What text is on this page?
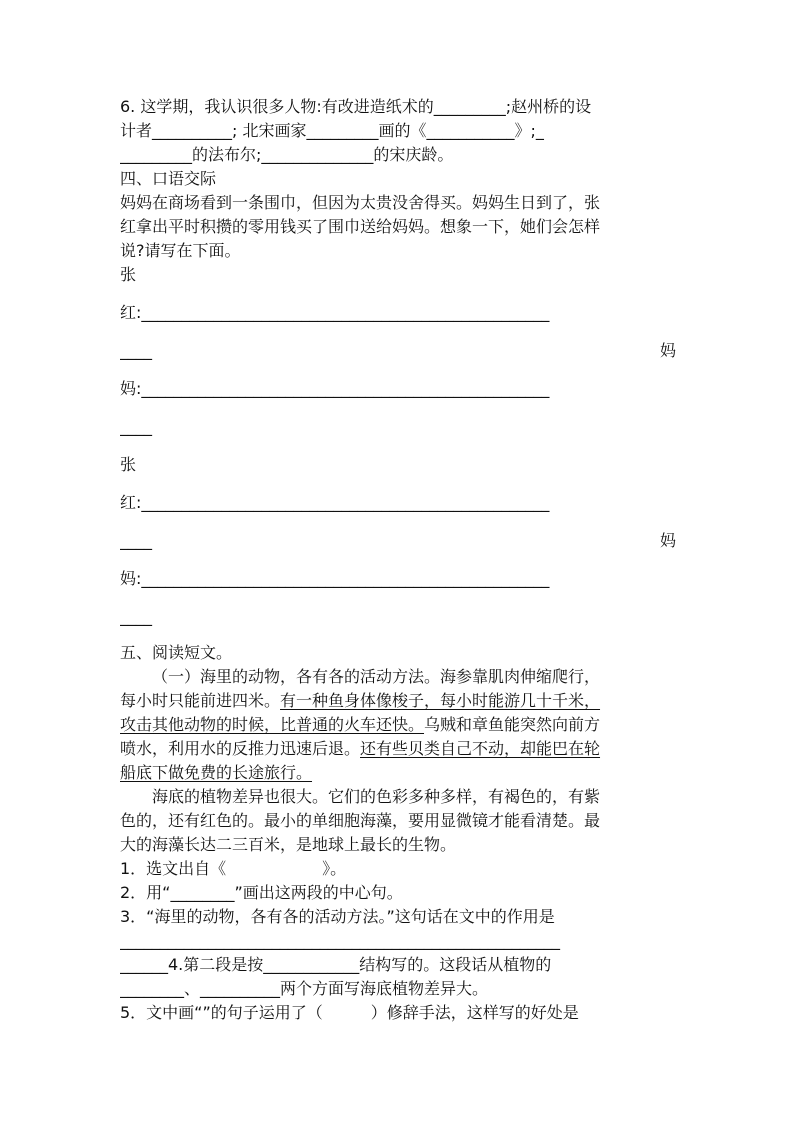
6. 这学期，我认识很多人物:有改进造纸术的_________;赵州桥的设
计者__________; 北宋画家_________画的《___________》;_
_________的法布尔;______________的宋庆龄。
四、口语交际
妈妈在商场看到一条围巾，但因为太贵没舍得买。妈妈生日到了，张
红拿出平时积攒的零用钱买了围巾送给妈妈。想象一下，她们会怎样
说?请写在下面。
张
红:___________________________________________________
____	妈
妈:___________________________________________________
____
张
红:___________________________________________________
____	妈
妈:___________________________________________________
____
五、阅读短文。
（一）海里的动物，各有各的活动方法。海参靠肌肉伸缩爬行，
每小时只能前进四米。有一种鱼身体像梭子，每小时能游几十千米，
攻击其他动物的时候，比普通的火车还快。乌贼和章鱼能突然向前方
喷水，利用水的反推力迅速后退。还有些贝类自己不动，却能巴在轮
船底下做免费的长途旅行。
海底的植物差异也很大。它们的色彩多种多样，有褐色的，有紫
色的，还有红色的。最小的单细胞海藻，要用显微镜才能看清楚。最
大的海藻长达二三百米，是地球上最长的生物。
1．选文出自《　　　　　　》。
2．用“________”画出这两段的中心句。
3．“海里的动物，各有各的活动方法。”这句话在文中的作用是
_______________________________________________________
______4.第二段是按____________结构写的。这段话从植物的
________、__________两个方面写海底植物差异大。
5．文中画“”的句子运用了（　　　）修辞手法，这样写的好处是
